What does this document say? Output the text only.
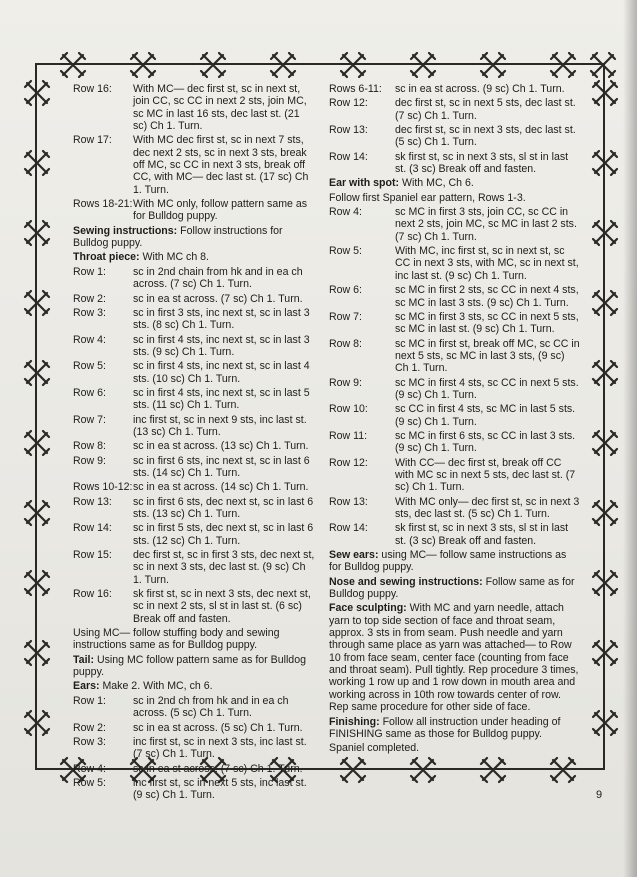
Row 16:	With MC— dec first st, sc in next st, join CC, sc CC in next 2 sts, join MC, sc MC in last 16 sts, dec last st. (21 sc) Ch 1. Turn.
Row 17:	With MC dec first st, sc in next 7 sts, dec next 2 sts, sc in next 3 sts, break off MC, sc CC in next 3 sts, break off CC, with MC— dec last st. (17 sc) Ch 1. Turn.
Rows 18-21: With MC only, follow pattern same as for Bulldog puppy.
Sewing instructions: Follow instructions for Bulldog puppy.
Throat piece: With MC ch 8.
Row 1:	sc in 2nd chain from hk and in ea ch across. (7 sc) Ch 1. Turn.
Row 2:	sc in ea st across. (7 sc) Ch 1. Turn.
Row 3:	sc in first 3 sts, inc next st, sc in last 3 sts. (8 sc) Ch 1. Turn.
Row 4:	sc in first 4 sts, inc next st, sc in last 3 sts. (9 sc) Ch 1. Turn.
Row 5:	sc in first 4 sts, inc next st, sc in last 4 sts. (10 sc) Ch 1. Turn.
Row 6:	sc in first 4 sts, inc next st, sc in last 5 sts. (11 sc) Ch 1. Turn.
Row 7:	inc first st, sc in next 9 sts, inc last st. (13 sc) Ch 1. Turn.
Row 8:	sc in ea st across. (13 sc) Ch 1. Turn.
Row 9:	sc in first 6 sts, inc next st, sc in last 6 sts. (14 sc) Ch 1. Turn.
Rows 10-12: sc in ea st across. (14 sc) Ch 1. Turn.
Row 13:	sc in first 6 sts, dec next st, sc in last 6 sts. (13 sc) Ch 1. Turn.
Row 14:	sc in first 5 sts, dec next st, sc in last 6 sts. (12 sc) Ch 1. Turn.
Row 15:	dec first st, sc in first 3 sts, dec next st, sc in next 3 sts, dec last st. (9 sc) Ch 1. Turn.
Row 16:	sk first st, sc in next 3 sts, dec next st, sc in next 2 sts, sl st in last st. (6 sc) Break off and fasten.
Using MC— follow stuffing body and sewing instructions same as for Bulldog puppy.
Tail: Using MC follow pattern same as for Bulldog puppy.
Ears: Make 2. With MC, ch 6.
Row 1:	sc in 2nd ch from hk and in ea ch across. (5 sc) Ch 1. Turn.
Row 2:	sc in ea st across. (5 sc) Ch 1. Turn.
Row 3:	inc first st, sc in next 3 sts, inc last st. (7 sc) Ch 1. Turn.
Row 4:	sc in ea st across. (7 sc) Ch 1. Turn.
Row 5:	inc first st, sc in next 5 sts, inc last st. (9 sc) Ch 1. Turn.
Rows 6-11:	sc in ea st across. (9 sc) Ch 1. Turn.
Row 12:	dec first st, sc in next 5 sts, dec last st. (7 sc) Ch 1. Turn.
Row 13:	dec first st, sc in next 3 sts, dec last st. (5 sc) Ch 1. Turn.
Row 14:	sk first st, sc in next 3 sts, sl st in last st. (3 sc) Break off and fasten.
Ear with spot: With MC, Ch 6.
Follow first Spaniel ear pattern, Rows 1-3.
Row 4:	sc MC in first 3 sts, join CC, sc CC in next 2 sts, join MC, sc MC in last 2 sts. (7 sc) Ch 1. Turn.
Row 5:	With MC, inc first st, sc in next st, sc CC in next 3 sts, with MC, sc in next st, inc last st. (9 sc) Ch 1. Turn.
Row 6:	sc MC in first 2 sts, sc CC in next 4 sts, sc MC in last 3 sts. (9 sc) Ch 1. Turn.
Row 7:	sc MC in first 3 sts, sc CC in next 5 sts, sc MC in last st. (9 sc) Ch 1. Turn.
Row 8:	sc MC in first st, break off MC, sc CC in next 5 sts, sc MC in last 3 sts, (9 sc) Ch 1. Turn.
Row 9:	sc MC in first 4 sts, sc CC in next 5 sts. (9 sc) Ch 1. Turn.
Row 10:	sc CC in first 4 sts, sc MC in last 5 sts. (9 sc) Ch 1. Turn.
Row 11:	sc MC in first 6 sts, sc CC in last 3 sts. (9 sc) Ch 1. Turn.
Row 12:	With CC— dec first st, break off CC with MC sc in next 5 sts, dec last st. (7 sc) Ch 1. Turn.
Row 13:	With MC only— dec first st, sc in next 3 sts, dec last st. (5 sc) Ch 1. Turn.
Row 14:	sk first st, sc in next 3 sts, sl st in last st. (3 sc) Break off and fasten.
Sew ears: using MC— follow same instructions as for Bulldog puppy.
Nose and sewing instructions: Follow same as for Bulldog puppy.
Face sculpting: With MC and yarn needle, attach yarn to top side section of face and throat seam, approx. 3 sts in from seam. Push needle and yarn through same place as yarn was attached— to Row 10 from face seam, center face (counting from face and throat seam). Pull tightly. Rep procedure 3 times, working 1 row up and 1 row down in mouth area and working across in 10th row towards center of row. Rep same procedure for other side of face.
Finishing: Follow all instruction under heading of FINISHING same as those for Bulldog puppy.
Spaniel completed.
9
